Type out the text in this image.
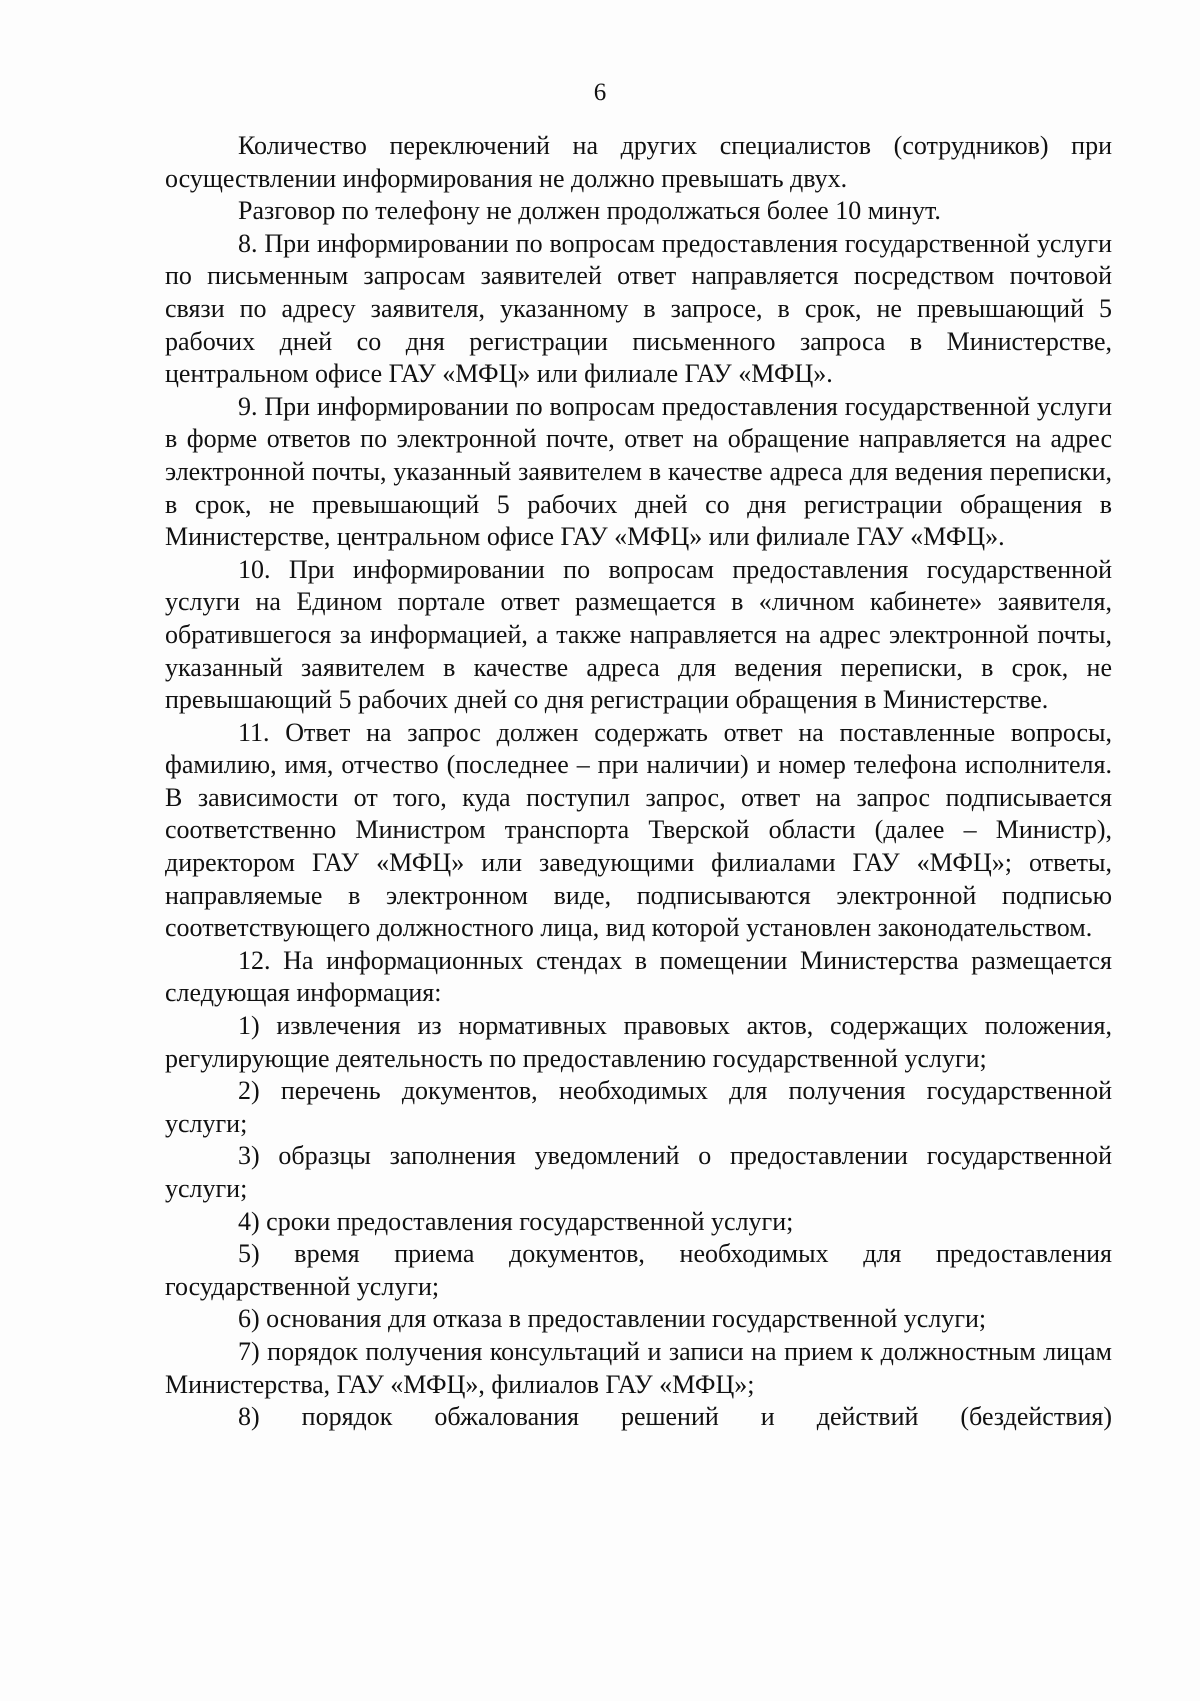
6

Количество переключений на других специалистов (сотрудников) при осуществлении информирования не должно превышать двух.

Разговор по телефону не должен продолжаться более 10 минут.

8. При информировании по вопросам предоставления государственной услуги по письменным запросам заявителей ответ направляется посредством почтовой связи по адресу заявителя, указанному в запросе, в срок, не превышающий 5 рабочих дней со дня регистрации письменного запроса в Министерстве, центральном офисе ГАУ «МФЦ» или филиале ГАУ «МФЦ».

9. При информировании по вопросам предоставления государственной услуги в форме ответов по электронной почте, ответ на обращение направляется на адрес электронной почты, указанный заявителем в качестве адреса для ведения переписки, в срок, не превышающий 5 рабочих дней со дня регистрации обращения в Министерстве, центральном офисе ГАУ «МФЦ» или филиале ГАУ «МФЦ».

10. При информировании по вопросам предоставления государственной услуги на Едином портале ответ размещается в «личном кабинете» заявителя, обратившегося за информацией, а также направляется на адрес электронной почты, указанный заявителем в качестве адреса для ведения переписки, в срок, не превышающий 5 рабочих дней со дня регистрации обращения в Министерстве.

11. Ответ на запрос должен содержать ответ на поставленные вопросы, фамилию, имя, отчество (последнее – при наличии) и номер телефона исполнителя. В зависимости от того, куда поступил запрос, ответ на запрос подписывается соответственно Министром транспорта Тверской области (далее – Министр), директором ГАУ «МФЦ» или заведующими филиалами ГАУ «МФЦ»; ответы, направляемые в электронном виде, подписываются электронной подписью соответствующего должностного лица, вид которой установлен законодательством.

12. На информационных стендах в помещении Министерства размещается следующая информация:

1) извлечения из нормативных правовых актов, содержащих положения, регулирующие деятельность по предоставлению государственной услуги;

2) перечень документов, необходимых для получения государственной услуги;

3) образцы заполнения уведомлений о предоставлении государственной услуги;

4) сроки предоставления государственной услуги;

5) время приема документов, необходимых для предоставления государственной услуги;

6) основания для отказа в предоставлении государственной услуги;

7) порядок получения консультаций и записи на прием к должностным лицам Министерства, ГАУ «МФЦ», филиалов ГАУ «МФЦ»;

8) порядок обжалования решений и действий (бездействия)
